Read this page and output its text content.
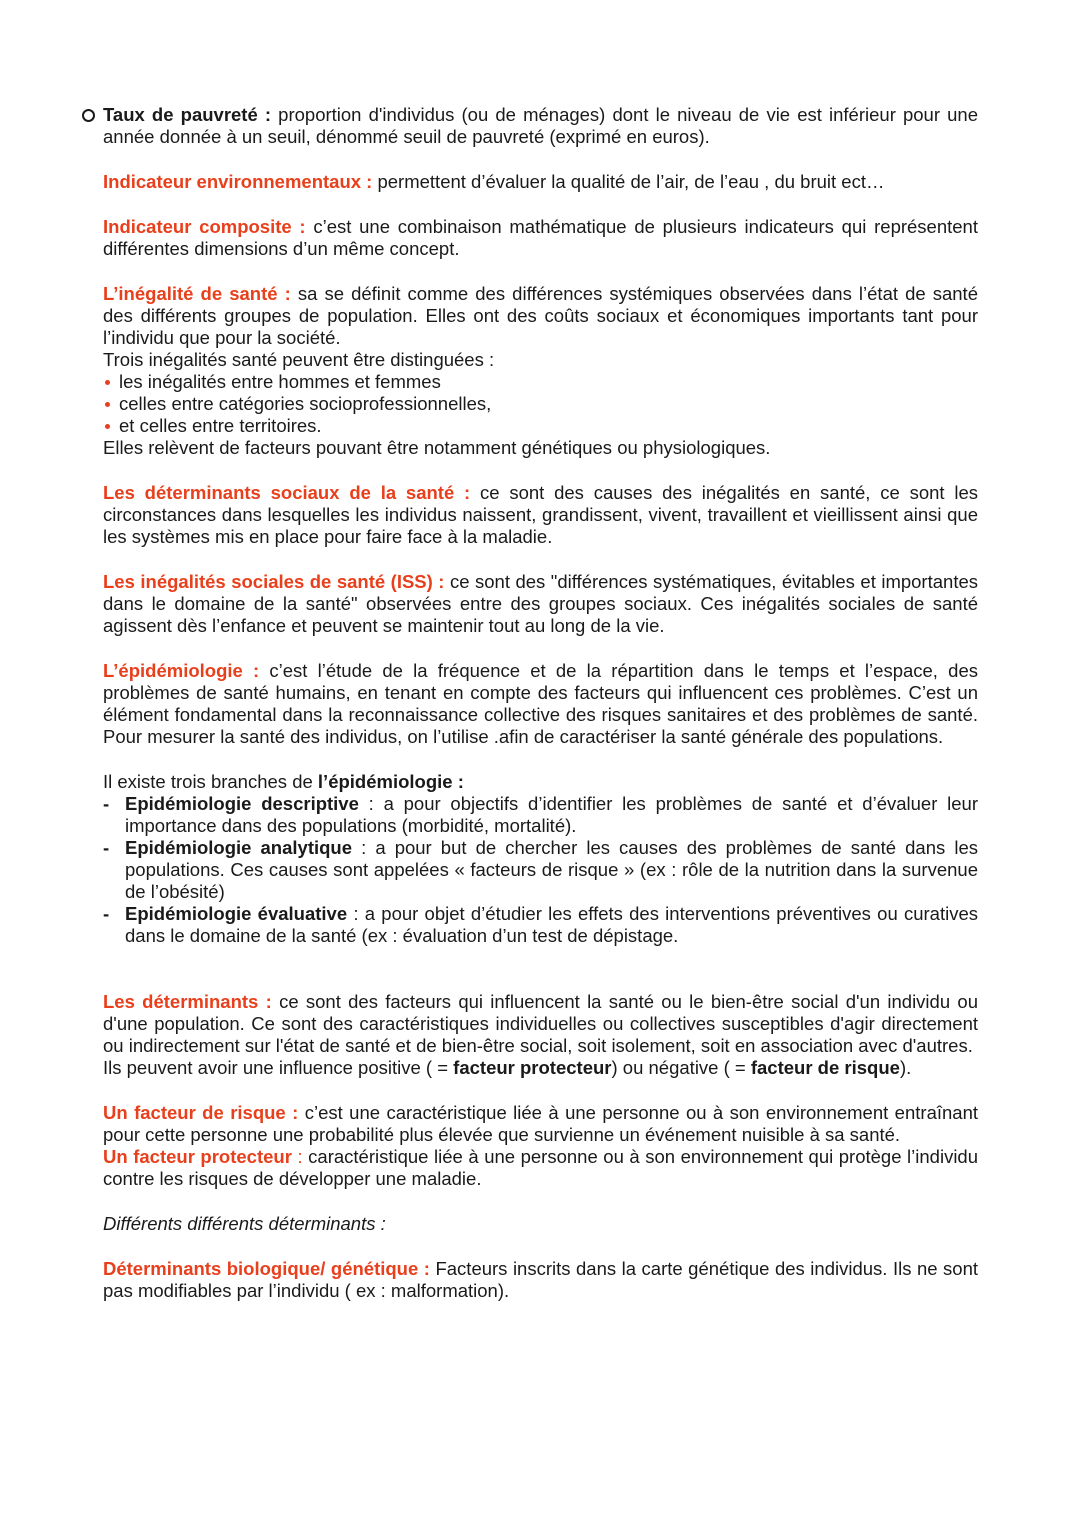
Taux de pauvreté : proportion d'individus (ou de ménages) dont le niveau de vie est inférieur pour une année donnée à un seuil, dénommé seuil de pauvreté (exprimé en euros).

Indicateur environnementaux : permettent d’évaluer la qualité de l’air, de l’eau , du bruit ect…

Indicateur composite : c’est une combinaison mathématique de plusieurs indicateurs qui représentent différentes dimensions d’un même concept.

L’inégalité de santé : sa se définit comme des différences systémiques observées dans l’état de santé des différents groupes de population. Elles ont des coûts sociaux et économiques importants tant pour l’individu que pour la société.

Trois inégalités santé peuvent être distinguées :

les inégalités entre hommes et femmes
celles entre catégories socioprofessionnelles,
et celles entre territoires.

Elles relèvent de facteurs pouvant être notamment génétiques ou physiologiques.

Les déterminants sociaux de la santé : ce sont des causes des inégalités en santé, ce sont les circonstances dans lesquelles les individus naissent, grandissent, vivent, travaillent et vieillissent ainsi que les systèmes mis en place pour faire face à la maladie.

Les inégalités sociales de santé (ISS) : ce sont des "différences systématiques, évitables et importantes dans le domaine de la santé" observées entre des groupes sociaux. Ces inégalités sociales de santé agissent dès l’enfance et peuvent se maintenir tout au long de la vie.

L’épidémiologie : c’est l’étude de la fréquence et de la répartition dans le temps et l’espace, des problèmes de santé humains, en tenant en compte des facteurs qui influencent ces problèmes. C’est un élément fondamental dans la reconnaissance collective des risques sanitaires et des problèmes de santé. Pour mesurer la santé des individus, on l’utilise .afin de caractériser la santé générale des populations.

Il existe trois branches de l’épidémiologie :

- Epidémiologie descriptive : a pour objectifs d’identifier les problèmes de santé et d’évaluer leur importance dans des populations (morbidité, mortalité).
- Epidémiologie analytique : a pour but de chercher les causes des problèmes de santé dans les populations. Ces causes sont appelées « facteurs de risque » (ex : rôle de la nutrition dans la survenue de l’obésité)
- Epidémiologie évaluative : a pour objet d’étudier les effets des interventions préventives ou curatives dans le domaine de la santé (ex : évaluation d’un test de dépistage.

Les déterminants : ce sont des facteurs qui influencent la santé ou le bien-être social d'un individu ou d'une population. Ce sont des caractéristiques individuelles ou collectives susceptibles d'agir directement ou indirectement sur l'état de santé et de bien-être social, soit isolement, soit en association avec d'autres.

Ils peuvent avoir une influence positive ( = facteur protecteur) ou négative ( = facteur de risque).

Un facteur de risque : c’est une caractéristique liée à une personne ou à son environnement entraînant pour cette personne une probabilité plus élevée que survienne un événement nuisible à sa santé.

Un facteur protecteur : caractéristique liée à une personne ou à son environnement qui protège l’individu contre les risques de développer une maladie.

Différents différents déterminants :

Déterminants biologique/ génétique : Facteurs inscrits dans la carte génétique des individus. Ils ne sont pas modifiables par l’individu ( ex : malformation).
